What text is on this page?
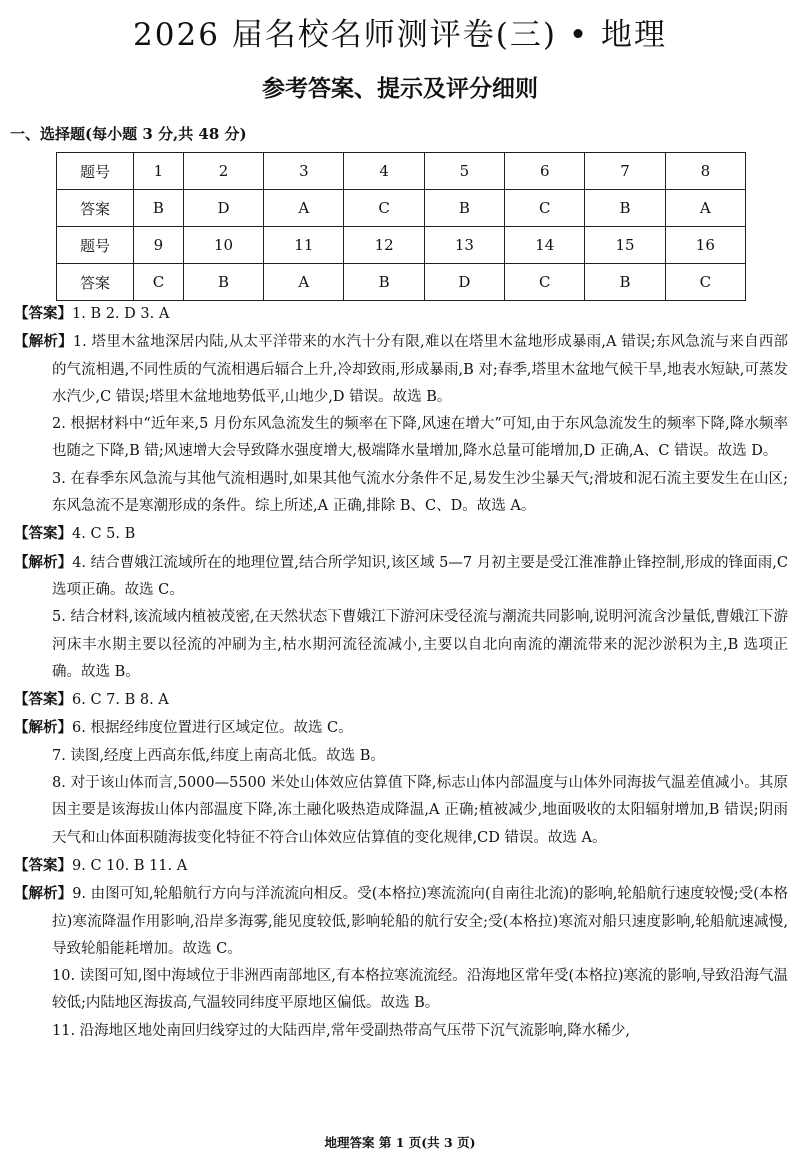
2026 届名校名师测评卷(三) • 地理
参考答案、提示及评分细则
一、选择题(每小题 3 分,共 48 分)
题号	1	2	3	4	5	6	7	8
答案	B	D	A	C	B	C	B	A
题号	9	10	11	12	13	14	15	16
答案	C	B	A	B	D	C	B	C

【答案】1. B 2. D 3. A

【解析】1. 塔里木盆地深居内陆,从太平洋带来的水汽十分有限,难以在塔里木盆地形成暴雨,A 错误;东风急流与来自西部的气流相遇,不同性质的气流相遇后辐合上升,冷却致雨,形成暴雨,B 对;春季,塔里木盆地气候干旱,地表水短缺,可蒸发水汽少,C 错误;塔里木盆地地势低平,山地少,D 错误。故选 B。

2. 根据材料中“近年来,5 月份东风急流发生的频率在下降,风速在增大”可知,由于东风急流发生的频率下降,降水频率也随之下降,B 错;风速增大会导致降水强度增大,极端降水量增加,降水总量可能增加,D 正确,A、C 错误。故选 D。

3. 在春季东风急流与其他气流相遇时,如果其他气流水分条件不足,易发生沙尘暴天气;滑坡和泥石流主要发生在山区;东风急流不是寒潮形成的条件。综上所述,A 正确,排除 B、C、D。故选 A。

【答案】4. C 5. B

【解析】4. 结合曹娥江流域所在的地理位置,结合所学知识,该区域 5—7 月初主要是受江淮准静止锋控制,形成的锋面雨,C 选项正确。故选 C。

5. 结合材料,该流域内植被茂密,在天然状态下曹娥江下游河床受径流与潮流共同影响,说明河流含沙量低,曹娥江下游河床丰水期主要以径流的冲刷为主,枯水期河流径流减小,主要以自北向南流的潮流带来的泥沙淤积为主,B 选项正确。故选 B。

【答案】6. C 7. B 8. A

【解析】6. 根据经纬度位置进行区域定位。故选 C。

7. 读图,经度上西高东低,纬度上南高北低。故选 B。

8. 对于该山体而言,5000—5500 米处山体效应估算值下降,标志山体内部温度与山体外同海拔气温差值减小。其原因主要是该海拔山体内部温度下降,冻土融化吸热造成降温,A 正确;植被减少,地面吸收的太阳辐射增加,B 错误;阴雨天气和山体面积随海拔变化特征不符合山体效应估算值的变化规律,CD 错误。故选 A。

【答案】9. C 10. B 11. A

【解析】9. 由图可知,轮船航行方向与洋流流向相反。受(本格拉)寒流流向(自南往北流)的影响,轮船航行速度较慢;受(本格拉)寒流降温作用影响,沿岸多海雾,能见度较低,影响轮船的航行安全;受(本格拉)寒流对船只速度影响,轮船航速减慢,导致轮船能耗增加。故选 C。

10. 读图可知,图中海域位于非洲西南部地区,有本格拉寒流流经。沿海地区常年受(本格拉)寒流的影响,导致沿海气温较低;内陆地区海拔高,气温较同纬度平原地区偏低。故选 B。

11. 沿海地区地处南回归线穿过的大陆西岸,常年受副热带高气压带下沉气流影响,降水稀少,

地理答案 第 1 页(共 3 页)
